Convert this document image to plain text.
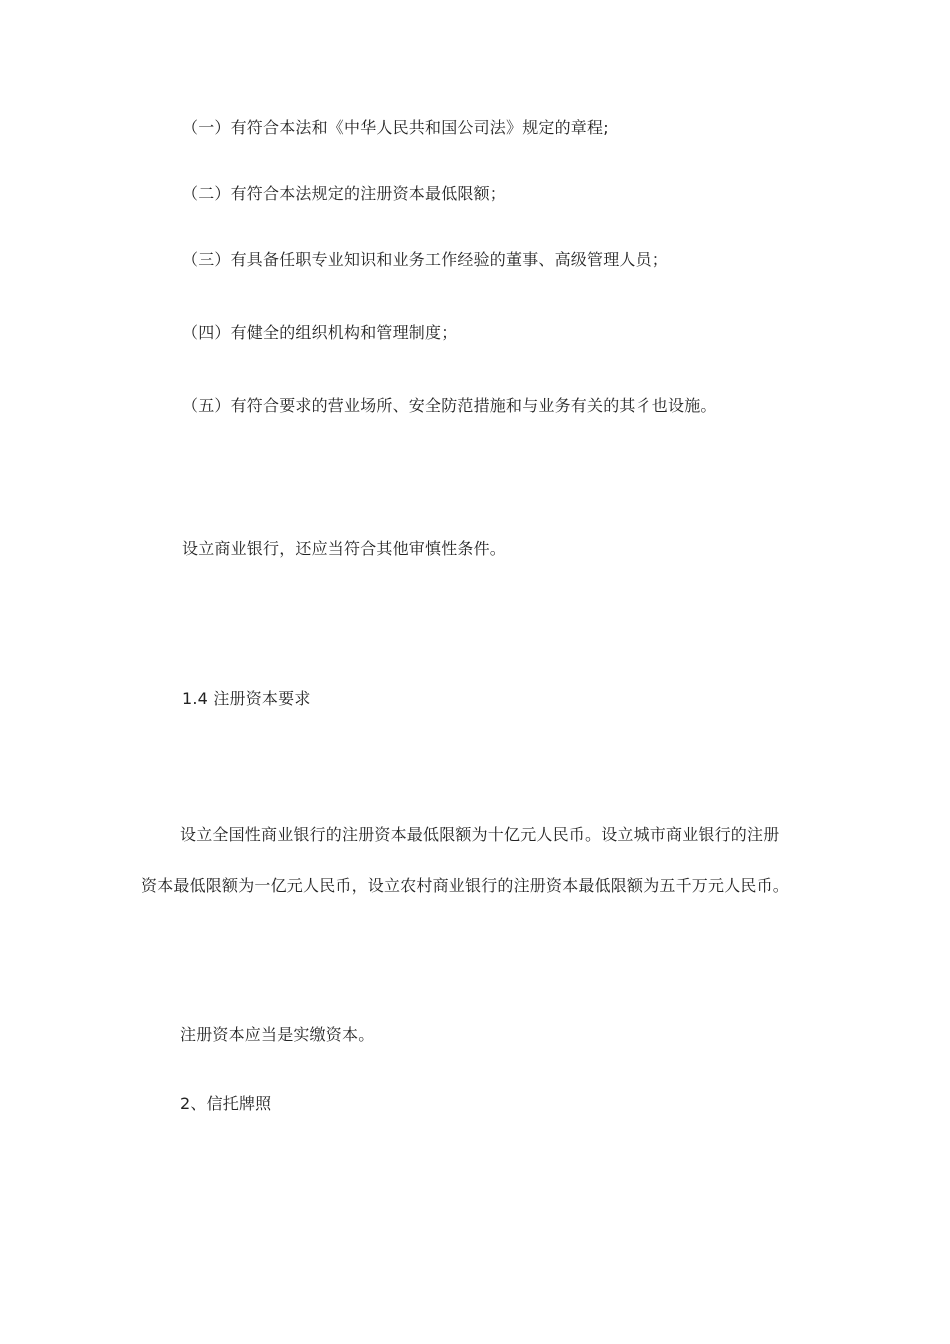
（一）有符合本法和《中华人民共和国公司法》规定的章程;
（二）有符合本法规定的注册资本最低限额；
（三）有具备任职专业知识和业务工作经验的董事、高级管理人员；
（四）有健全的组织机构和管理制度；
（五）有符合要求的营业场所、安全防范措施和与业务有关的其彳也设施。
设立商业银行，还应当符合其他审慎性条件。
1.4 注册资本要求
设立全国性商业银行的注册资本最低限额为十亿元人民币。设立城市商业银行的注册
资本最低限额为一亿元人民币，设立农村商业银行的注册资本最低限额为五千万元人民币。
注册资本应当是实缴资本。
2、信托牌照
